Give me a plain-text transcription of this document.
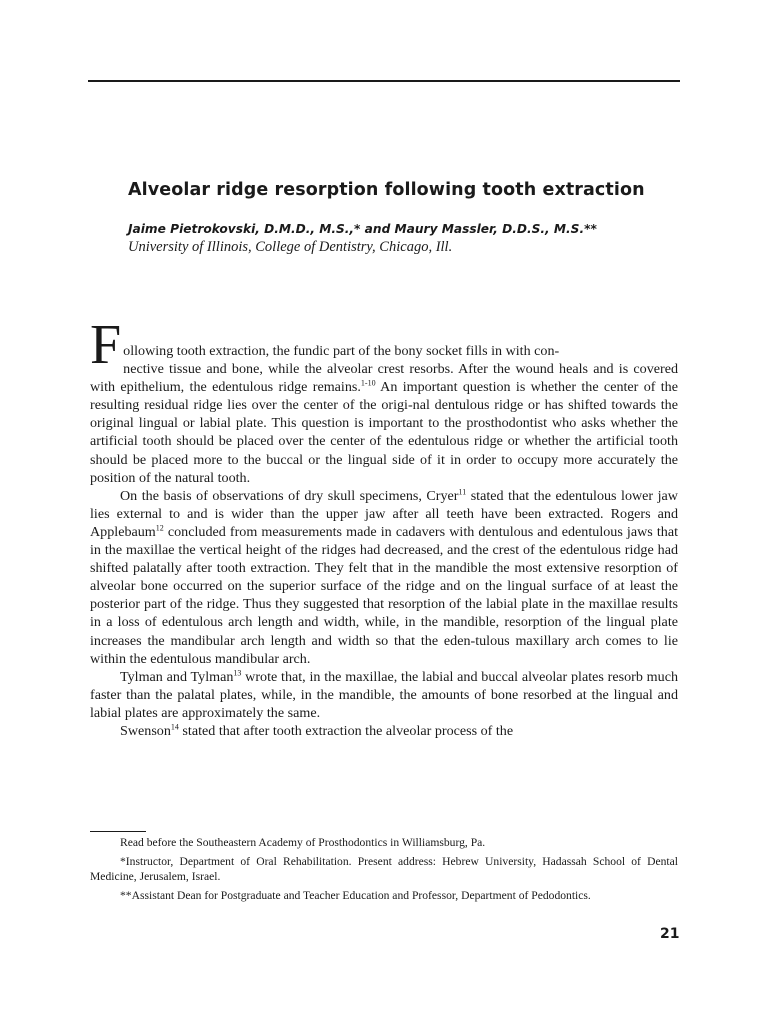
Alveolar ridge resorption following tooth extraction
Jaime Pietrokovski, D.M.D., M.S.,* and Maury Massler, D.D.S., M.S.**
University of Illinois, College of Dentistry, Chicago, Ill.

F ollowing tooth extraction, the fundic part of the bony socket fills in with con-
nective tissue and bone, while the alveolar crest resorbs. After the wound heals and is covered with epithelium, the edentulous ridge remains.$^{1-10}$ An important question is whether the center of the resulting residual ridge lies over the center of the origi-nal dentulous ridge or has shifted towards the original lingual or labial plate. This question is important to the prosthodontist who asks whether the artificial tooth should be placed over the center of the edentulous ridge or whether the artificial tooth should be placed more to the buccal or the lingual side of it in order to occupy more accurately the position of the natural tooth.

On the basis of observations of dry skull specimens, Cryer$^{11}$ stated that the edentulous lower jaw lies external to and is wider than the upper jaw after all teeth have been extracted. Rogers and Applebaum$^{12}$ concluded from measurements made in cadavers with dentulous and edentulous jaws that in the maxillae the vertical height of the ridges had decreased, and the crest of the edentulous ridge had shifted palatally after tooth extraction. They felt that in the mandible the most extensive resorption of alveolar bone occurred on the superior surface of the ridge and on the lingual surface of at least the posterior part of the ridge. Thus they suggested that resorption of the labial plate in the maxillae results in a loss of edentulous arch length and width, while, in the mandible, resorption of the lingual plate increases the mandibular arch length and width so that the eden-tulous maxillary arch comes to lie within the edentulous mandibular arch.

Tylman and Tylman$^{13}$ wrote that, in the maxillae, the labial and buccal alveolar plates resorb much faster than the palatal plates, while, in the mandible, the amounts of bone resorbed at the lingual and labial plates are approximately the same.

Swenson$^{14}$ stated that after tooth extraction the alveolar process of the

Read before the Southeastern Academy of Prosthodontics in Williamsburg, Pa.

*Instructor, Department of Oral Rehabilitation. Present address: Hebrew University, Hadassah School of Dental Medicine, Jerusalem, Israel.

**Assistant Dean for Postgraduate and Teacher Education and Professor, Department of Pedodontics.

21
